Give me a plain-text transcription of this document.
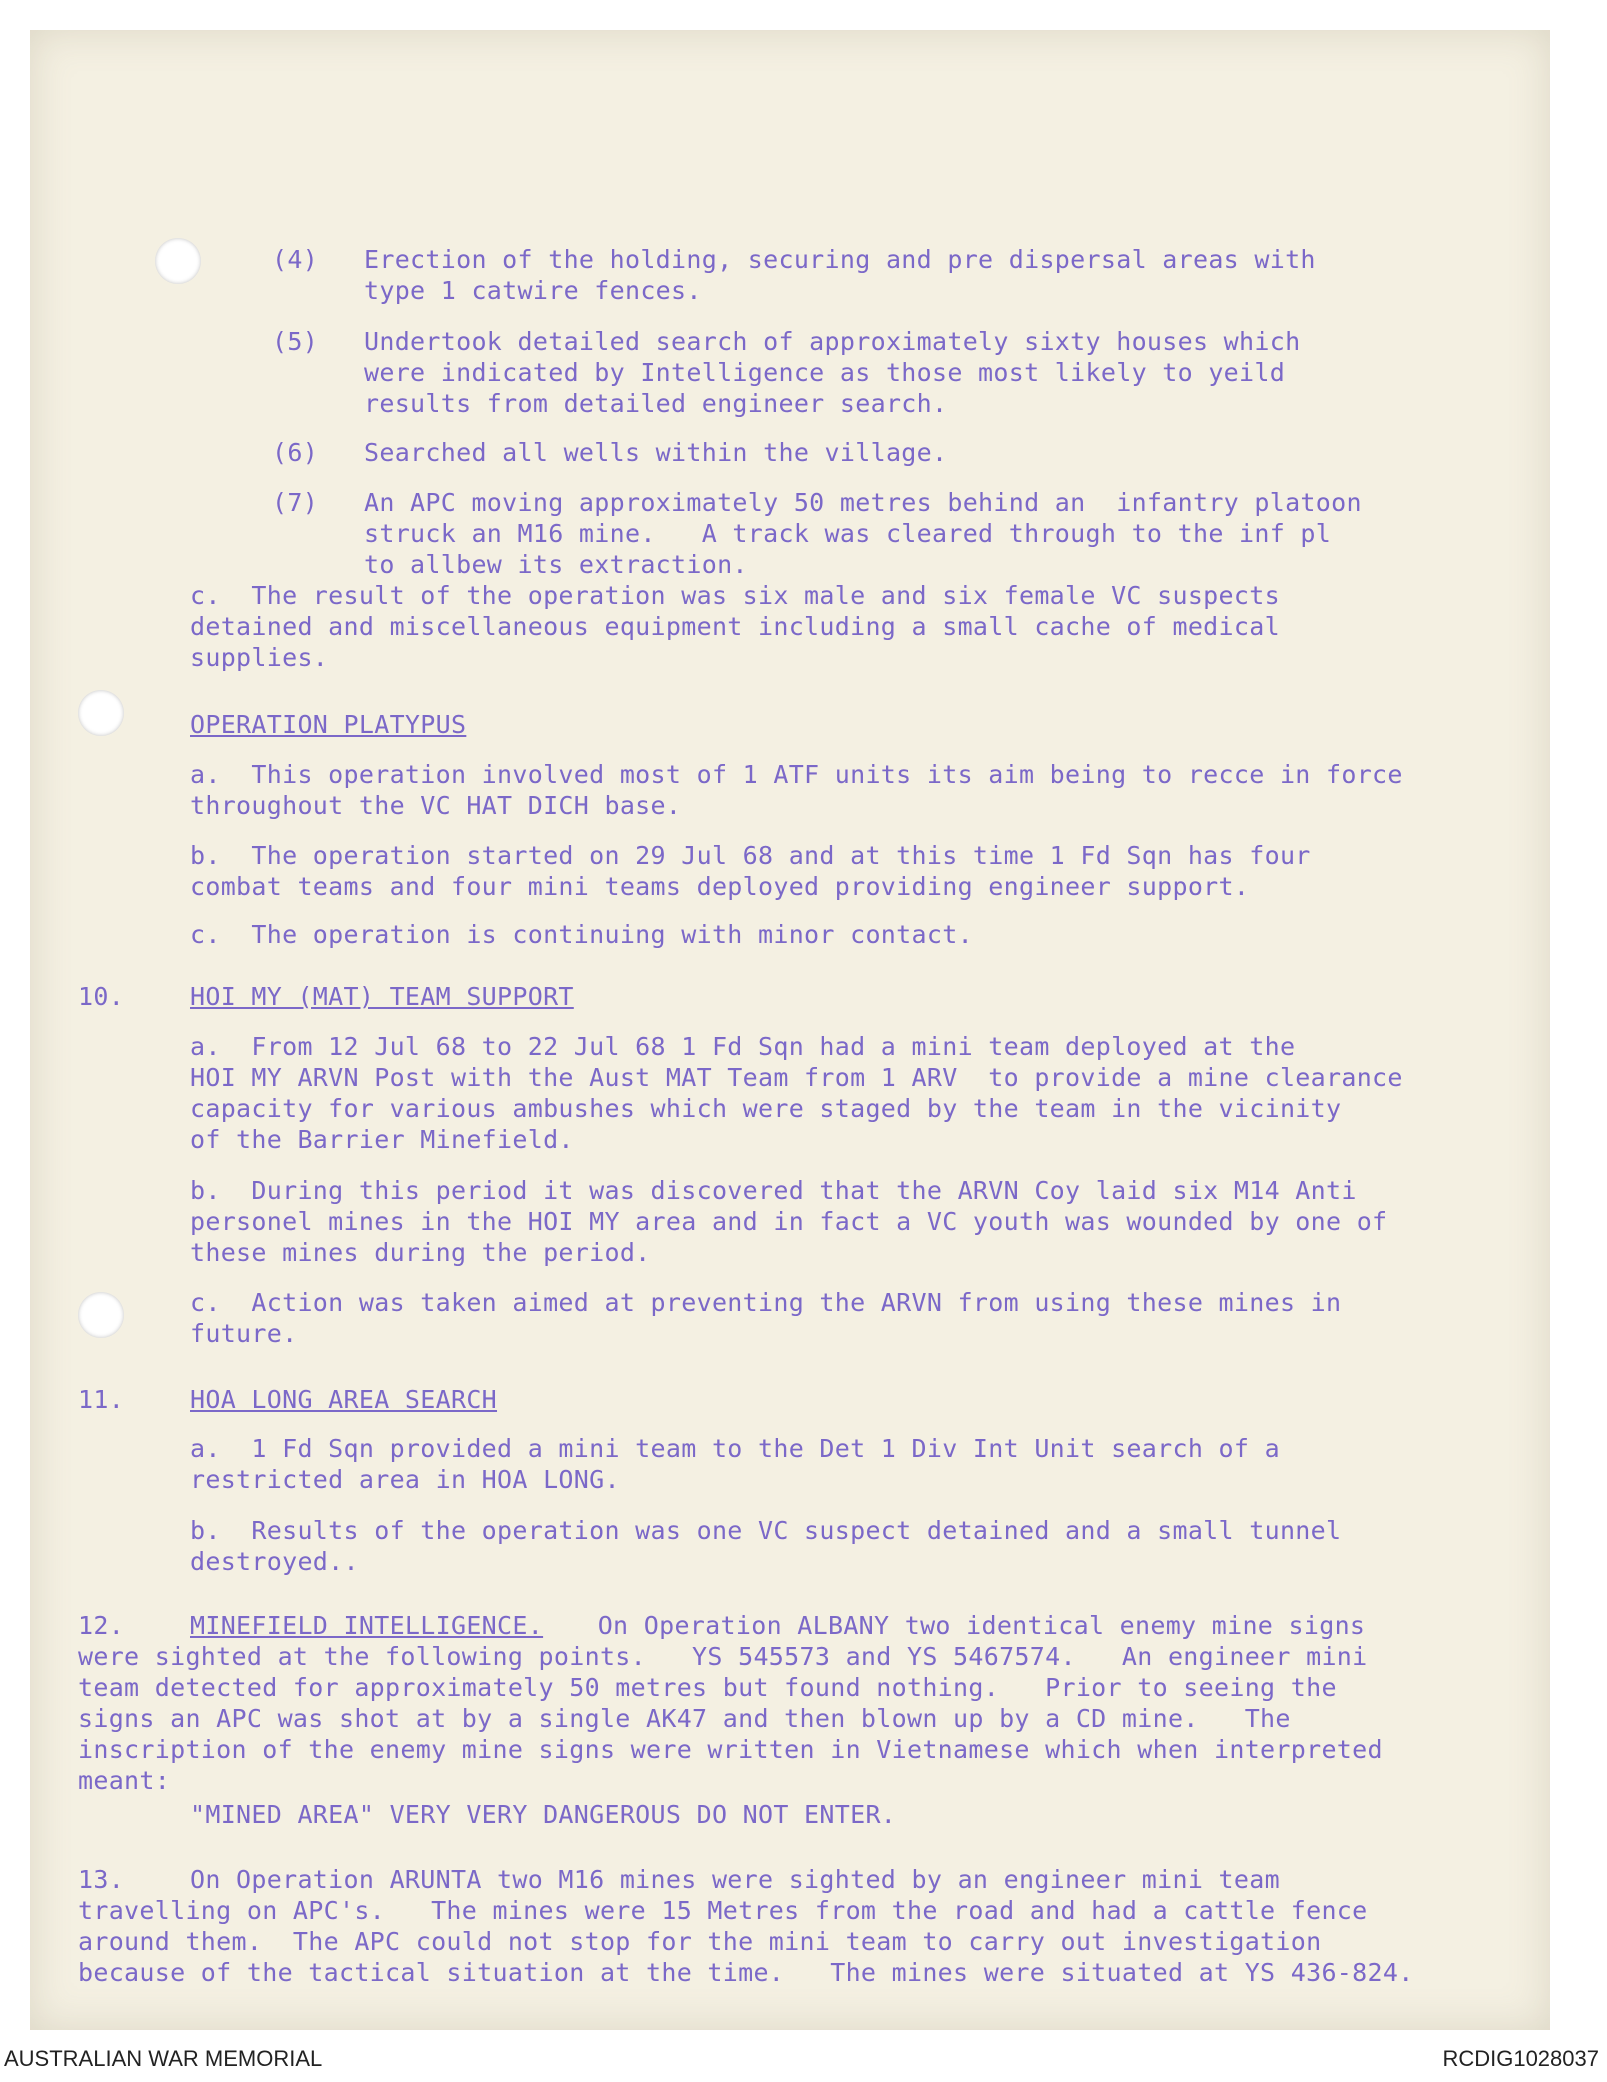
(4) Erection of the holding, securing and pre dispersal areas with
type 1 catwire fences.
(5) Undertook detailed search of approximately sixty houses which
were indicated by Intelligence as those most likely to yeild
results from detailed engineer search.
(6) Searched all wells within the village.
(7) An APC moving approximately 50 metres behind an  infantry platoon
struck an M16 mine.   A track was cleared through to the inf pl
to allbew its extraction.
c.  The result of the operation was six male and six female VC suspects
detained and miscellaneous equipment including a small cache of medical
supplies.
OPERATION PLATYPUS
a.  This operation involved most of 1 ATF units its aim being to recce in force
throughout the VC HAT DICH base.
b.  The operation started on 29 Jul 68 and at this time 1 Fd Sqn has four
combat teams and four mini teams deployed providing engineer support.
c.  The operation is continuing with minor contact.
10.	HOI MY (MAT) TEAM SUPPORT
a.  From 12 Jul 68 to 22 Jul 68 1 Fd Sqn had a mini team deployed at the
HOI MY ARVN Post with the Aust MAT Team from 1 ARV  to provide a mine clearance
capacity for various ambushes which were staged by the team in the vicinity
of the Barrier Minefield.
b.  During this period it was discovered that the ARVN Coy laid six M14 Anti
personel mines in the HOI MY area and in fact a VC youth was wounded by one of
these mines during the period.
c.  Action was taken aimed at preventing the ARVN from using these mines in
future.
11.	HOA LONG AREA SEARCH
a.  1 Fd Sqn provided a mini team to the Det 1 Div Int Unit search of a
restricted area in HOA LONG.
b.  Results of the operation was one VC suspect detained and a small tunnel
destroyed..
12.	MINEFIELD INTELLIGENCE. On Operation ALBANY two identical enemy mine signs
were sighted at the following points.   YS 545573 and YS 5467574.   An engineer mini
team detected for approximately 50 metres but found nothing.   Prior to seeing the
signs an APC was shot at by a single AK47 and then blown up by a CD mine.   The
inscription of the enemy mine signs were written in Vietnamese which when interpreted
meant:
"MINED AREA" VERY VERY DANGEROUS DO NOT ENTER.
13.	On Operation ARUNTA two M16 mines were sighted by an engineer mini team
travelling on APC's.   The mines were 15 Metres from the road and had a cattle fence
around them.  The APC could not stop for the mini team to carry out investigation
because of the tactical situation at the time.   The mines were situated at YS 436-824.
AUSTRALIAN WAR MEMORIAL	RCDIG1028037
